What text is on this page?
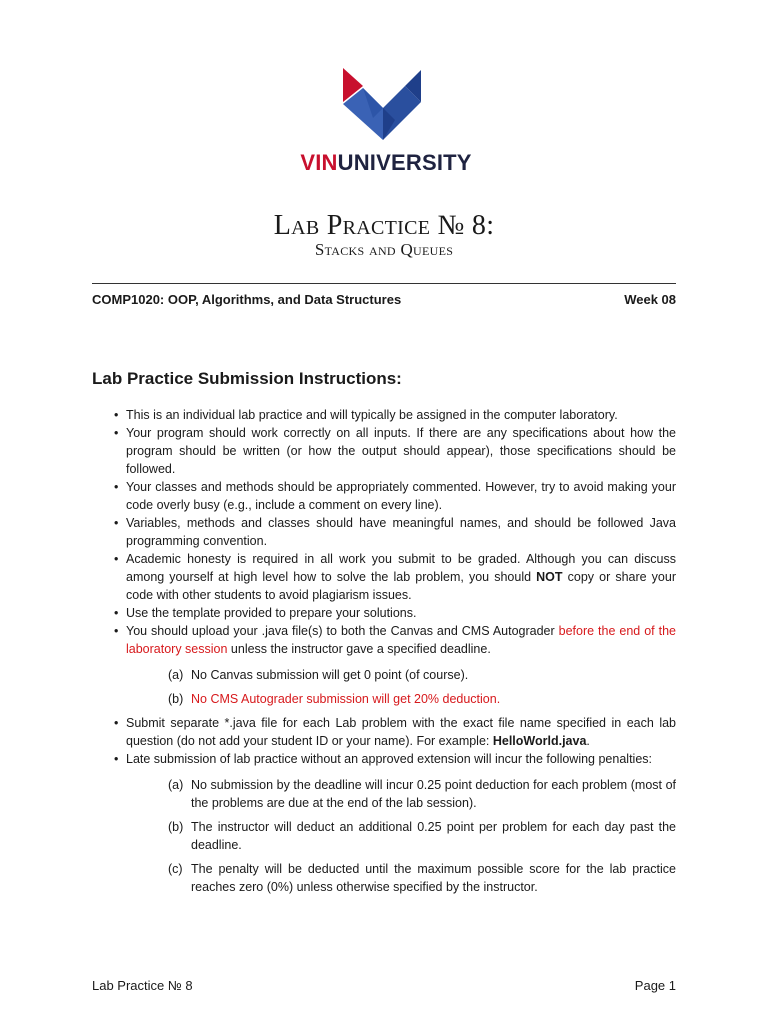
VINUNIVERSITY
Lab Practice № 8:
Stacks and Queues
COMP1020: OOP, Algorithms, and Data Structures	Week 08
Lab Practice Submission Instructions:
• This is an individual lab practice and will typically be assigned in the computer laboratory.
• Your program should work correctly on all inputs. If there are any specifications about how the program should be written (or how the output should appear), those specifications should be followed.
• Your classes and methods should be appropriately commented. However, try to avoid making your code overly busy (e.g., include a comment on every line).
• Variables, methods and classes should have meaningful names, and should be followed Java programming convention.
• Academic honesty is required in all work you submit to be graded. Although you can discuss among yourself at high level how to solve the lab problem, you should NOT copy or share your code with other students to avoid plagiarism issues.
• Use the template provided to prepare your solutions.
• You should upload your .java file(s) to both the Canvas and CMS Autograder before the end of the laboratory session unless the instructor gave a specified deadline.
(a) No Canvas submission will get 0 point (of course).
(b) No CMS Autograder submission will get 20% deduction.
• Submit separate *.java file for each Lab problem with the exact file name specified in each lab question (do not add your student ID or your name). For example: HelloWorld.java.
• Late submission of lab practice without an approved extension will incur the following penalties:
(a) No submission by the deadline will incur 0.25 point deduction for each problem (most of the problems are due at the end of the lab session).
(b) The instructor will deduct an additional 0.25 point per problem for each day past the deadline.
(c) The penalty will be deducted until the maximum possible score for the lab practice reaches zero (0%) unless otherwise specified by the instructor.
Lab Practice № 8	Page 1
